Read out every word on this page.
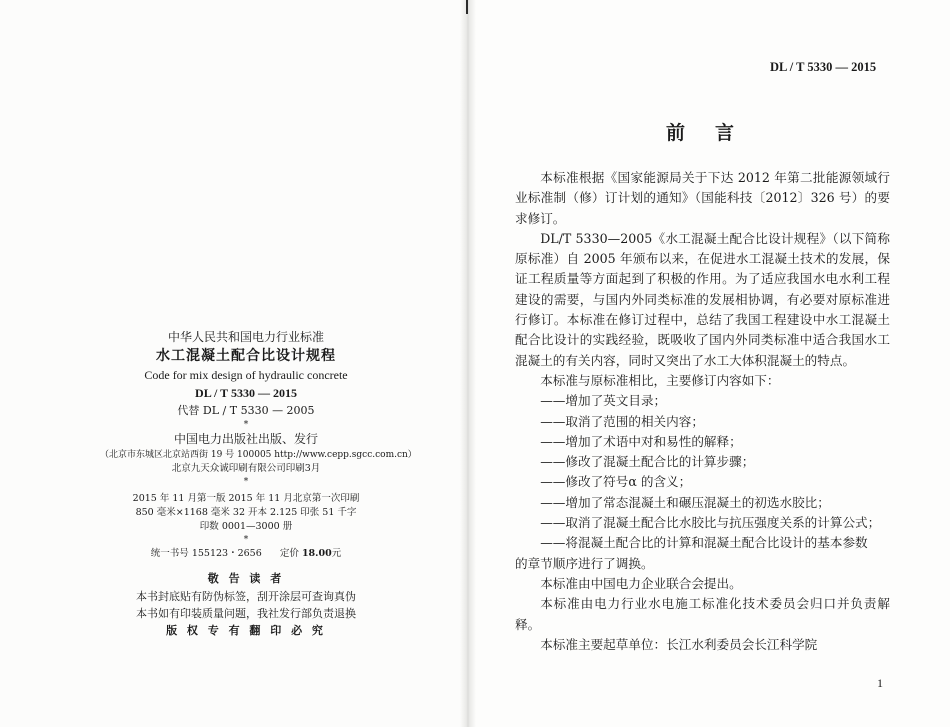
中华人民共和国电力行业标准
水工混凝土配合比设计规程
Code for mix design of hydraulic concrete
DL / T 5330 — 2015
代替 DL / T 5330 — 2005
*
中国电力出版社出版、发行
（北京市东城区北京站西街 19 号 100005 http://www.cepp.sgcc.com.cn）
北京九天众诚印刷有限公司印刷3月
*
2015 年 11 月第一版 2015 年 11 月北京第一次印刷
850 毫米×1168 毫米 32 开本 2.125 印张 51 千字
印数 0001—3000 册
*
统一书号 155123・2656 定价 18.00元
敬 告 读 者
本书封底贴有防伪标签，刮开涂层可查询真伪
本书如有印装质量问题，我社发行部负责退换
版 权 专 有 翻 印 必 究
DL / T 5330 — 2015
前言

本标准根据《国家能源局关于下达 2012 年第二批能源领域行业标准制（修）订计划的通知》（国能科技〔2012〕326 号）的要求修订。

DL/T 5330—2005《水工混凝土配合比设计规程》（以下简称原标准）自 2005 年颁布以来，在促进水工混凝土技术的发展，保证工程质量等方面起到了积极的作用。为了适应我国水电水利工程建设的需要，与国内外同类标准的发展相协调，有必要对原标准进行修订。本标准在修订过程中，总结了我国工程建设中水工混凝土配合比设计的实践经验，既吸收了国内外同类标准中适合我国水工混凝土的有关内容，同时又突出了水工大体积混凝土的特点。

本标准与原标准相比，主要修订内容如下：

——增加了英文目录；
——取消了范围的相关内容；
——增加了术语中对和易性的解释；
——修改了混凝土配合比的计算步骤；
——修改了符号α 的含义；
——增加了常态混凝土和碾压混凝土的初选水胶比；
——取消了混凝土配合比水胶比与抗压强度关系的计算公式；
——将混凝土配合比的计算和混凝土配合比设计的基本参数
的章节顺序进行了调换。

本标准由中国电力企业联合会提出。

本标准由电力行业水电施工标准化技术委员会归口并负责解释。

本标准主要起草单位：长江水利委员会长江科学院

1
